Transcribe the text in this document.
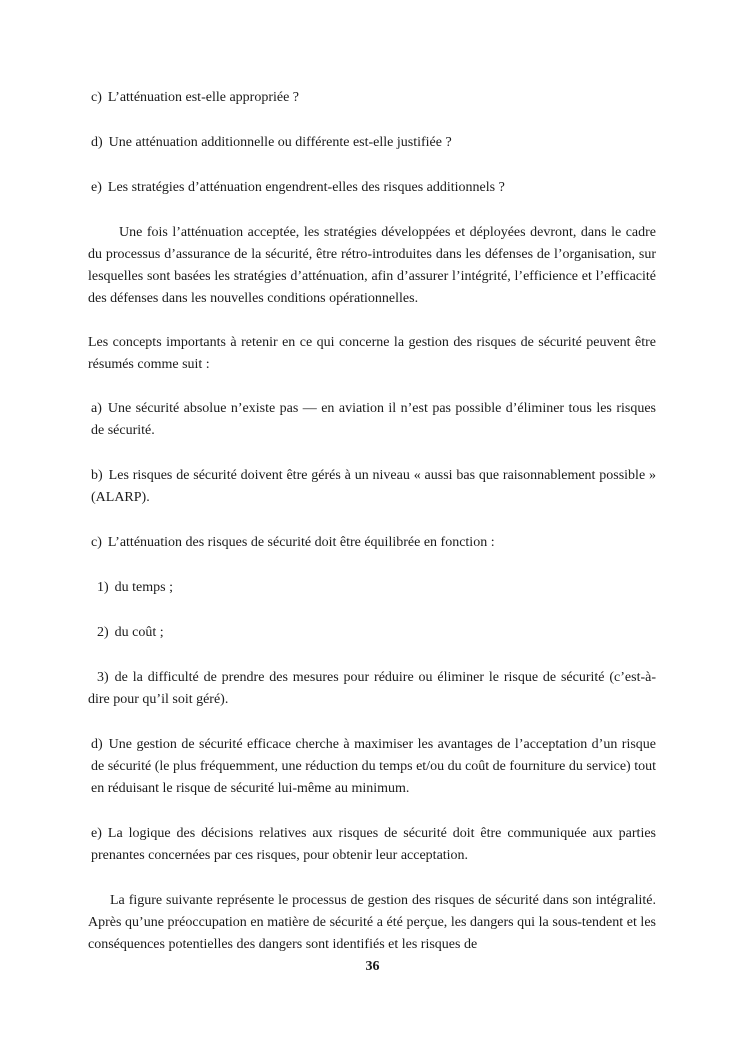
c) L’atténuation est-elle appropriée ?

d) Une atténuation additionnelle ou différente est-elle justifiée ?

e) Les stratégies d’atténuation engendrent-elles des risques additionnels ?

Une fois l’atténuation acceptée, les stratégies développées et déployées devront, dans le cadre du processus d’assurance de la sécurité, être rétro-introduites dans les défenses de l’organisation, sur lesquelles sont basées les stratégies d’atténuation, afin d’assurer l’intégrité, l’efficience et l’efficacité des défenses dans les nouvelles conditions opérationnelles.

Les concepts importants à retenir en ce qui concerne la gestion des risques de sécurité peuvent être résumés comme suit :

a) Une sécurité absolue n’existe pas — en aviation il n’est pas possible d’éliminer tous les risques de sécurité.

b) Les risques de sécurité doivent être gérés à un niveau « aussi bas que raisonnablement possible » (ALARP).

c) L’atténuation des risques de sécurité doit être équilibrée en fonction :

1) du temps ;

2) du coût ;

3) de la difficulté de prendre des mesures pour réduire ou éliminer le risque de sécurité (c’est-à-dire pour qu’il soit géré).

d) Une gestion de sécurité efficace cherche à maximiser les avantages de l’acceptation d’un risque de sécurité (le plus fréquemment, une réduction du temps et/ou du coût de fourniture du service) tout en réduisant le risque de sécurité lui-même au minimum.

e) La logique des décisions relatives aux risques de sécurité doit être communiquée aux parties prenantes concernées par ces risques, pour obtenir leur acceptation.

La figure suivante représente le processus de gestion des risques de sécurité dans son intégralité. Après qu’une préoccupation en matière de sécurité a été perçue, les dangers qui la sous-tendent et les conséquences potentielles des dangers sont identifiés et les risques de

36
